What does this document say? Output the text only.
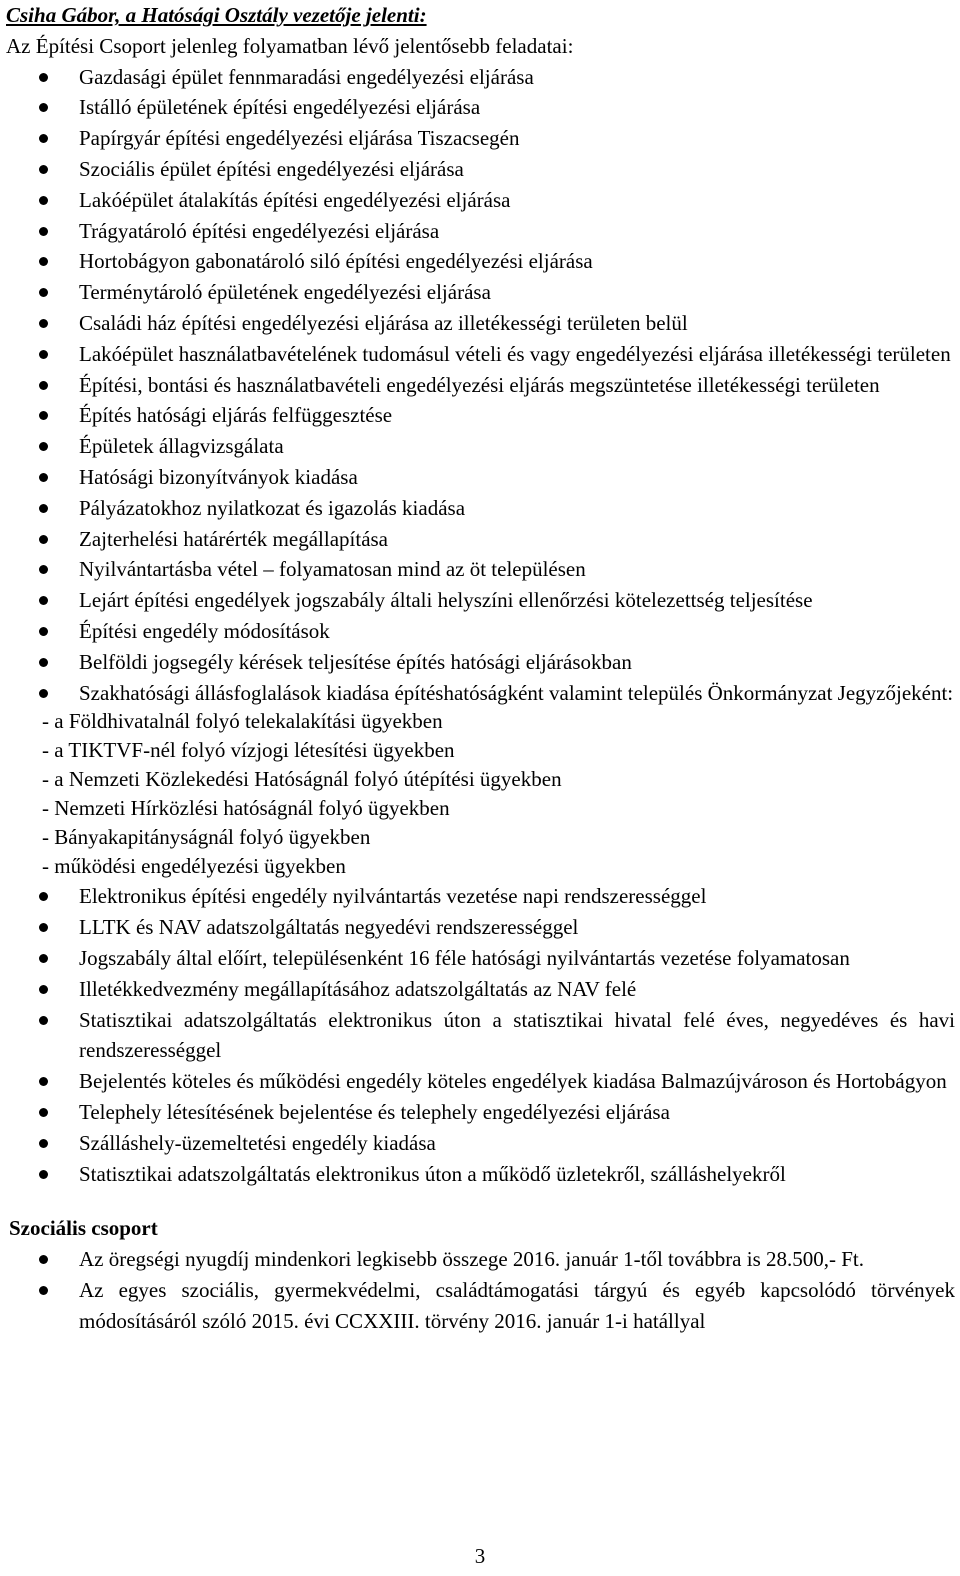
Csiha Gábor, a Hatósági Osztály vezetője jelenti:

Az Építési Csoport jelenleg folyamatban lévő jelentősebb feladatai:

Gazdasági épület fennmaradási engedélyezési eljárása
Istálló épületének építési engedélyezési eljárása
Papírgyár építési engedélyezési eljárása Tiszacsegén
Szociális épület építési engedélyezési eljárása
Lakóépület átalakítás építési engedélyezési eljárása
Trágyatároló építési engedélyezési eljárása
Hortobágyon gabonatároló siló építési engedélyezési eljárása
Terménytároló épületének engedélyezési eljárása
Családi ház építési engedélyezési eljárása az illetékességi területen belül
Lakóépület használatbavételének tudomásul vételi és vagy engedélyezési eljárása illetékességi területen
Építési, bontási és használatbavételi engedélyezési eljárás megszüntetése illetékességi területen
Építés hatósági eljárás felfüggesztése
Épületek állagvizsgálata
Hatósági bizonyítványok kiadása
Pályázatokhoz nyilatkozat és igazolás kiadása
Zajterhelési határérték megállapítása
Nyilvántartásba vétel – folyamatosan mind az öt településen
Lejárt építési engedélyek jogszabály általi helyszíni ellenőrzési kötelezettség teljesítése
Építési engedély módosítások
Belföldi jogsegély kérések teljesítése építés hatósági eljárásokban
Szakhatósági állásfoglalások kiadása építéshatóságként valamint település Önkormányzat Jegyzőjeként:
- a Földhivatalnál folyó telekalakítási ügyekben
- a TIKTVF-nél folyó vízjogi létesítési ügyekben
- a Nemzeti Közlekedési Hatóságnál folyó útépítési ügyekben
- Nemzeti Hírközlési hatóságnál folyó ügyekben
- Bányakapitányságnál folyó ügyekben
- működési engedélyezési ügyekben
Elektronikus építési engedély nyilvántartás vezetése napi rendszerességgel
LLTK és NAV adatszolgáltatás negyedévi rendszerességgel
Jogszabály által előírt, településenként 16 féle hatósági nyilvántartás vezetése folyamatosan
Illetékkedvezmény megállapításához adatszolgáltatás az NAV felé
Statisztikai adatszolgáltatás elektronikus úton a statisztikai hivatal felé éves, negyedéves és havi rendszerességgel
Bejelentés köteles és működési engedély köteles engedélyek kiadása Balmazújvároson és Hortobágyon
Telephely létesítésének bejelentése és telephely engedélyezési eljárása
Szálláshely-üzemeltetési engedély kiadása
Statisztikai adatszolgáltatás elektronikus úton a működő üzletekről, szálláshelyekről

Szociális csoport

Az öregségi nyugdíj mindenkori legkisebb összege 2016. január 1-től továbbra is 28.500,- Ft.
Az egyes szociális, gyermekvédelmi, családtámogatási tárgyú és egyéb kapcsolódó törvények módosításáról szóló 2015. évi CCXXIII. törvény 2016. január 1-i hatállyal
3
